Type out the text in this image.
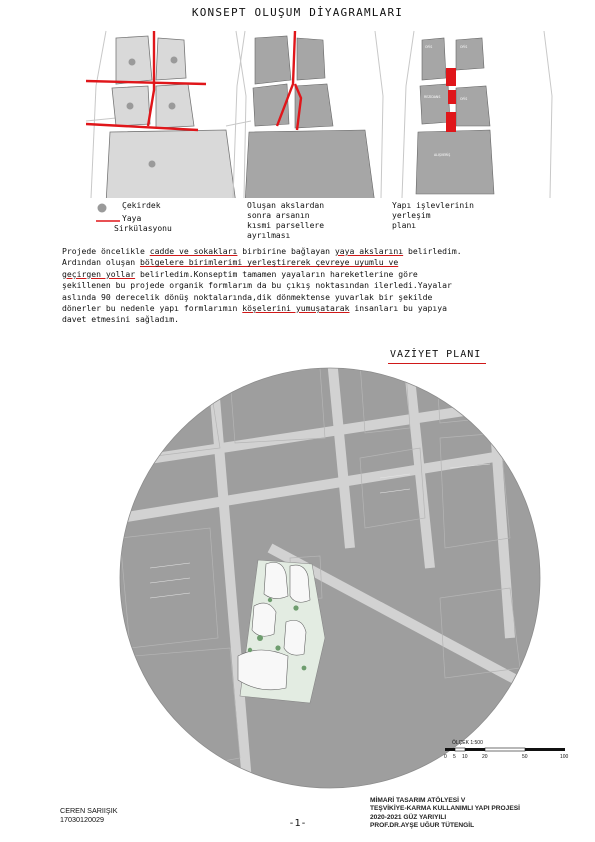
KONSEPT OLUŞUM DİYAGRAMLARI
OFİS	OFİS
REZIDANS	OFİS
ALIŞVERİŞ
Çekirdek
Yaya
Sirkülasyonu
Oluşan akslardan
sonra arsanın
kısmi parsellere
ayrılması
Yapı işlevlerinin
yerleşim
planı
Projede öncelikle cadde ve sokakları birbirine bağlayan yaya akslarını belirledim.
Ardından oluşan bölgelere birimlerimi yerleştirerek çevreye uyumlu ve
geçirgen yollar belirledim.Konseptim tamamen yayaların hareketlerine göre
şekillenen bu projede organik formlarım da bu çıkış noktasından ilerledi.Yayalar
aslında 90 derecelik dönüş noktalarında,dik dönmektense yuvarlak bir şekilde
dönerler bu nedenle yapı formlarımın köşelerini yumuşatarak insanları bu yapıya
davet etmesini sağladım.
VAZİYET PLANI
0 5 10	20	50	100
ÖLÇEK 1:500
CEREN SARIIŞIK
17030120029	-1-
MİMARİ TASARIM ATÖLYESİ V
TEŞVİKİYE-KARMA KULLANIMLI YAPI PROJESİ
2020-2021 GÜZ YARIYILI
PROF.DR.AYŞE UĞUR TÜTENGİL
